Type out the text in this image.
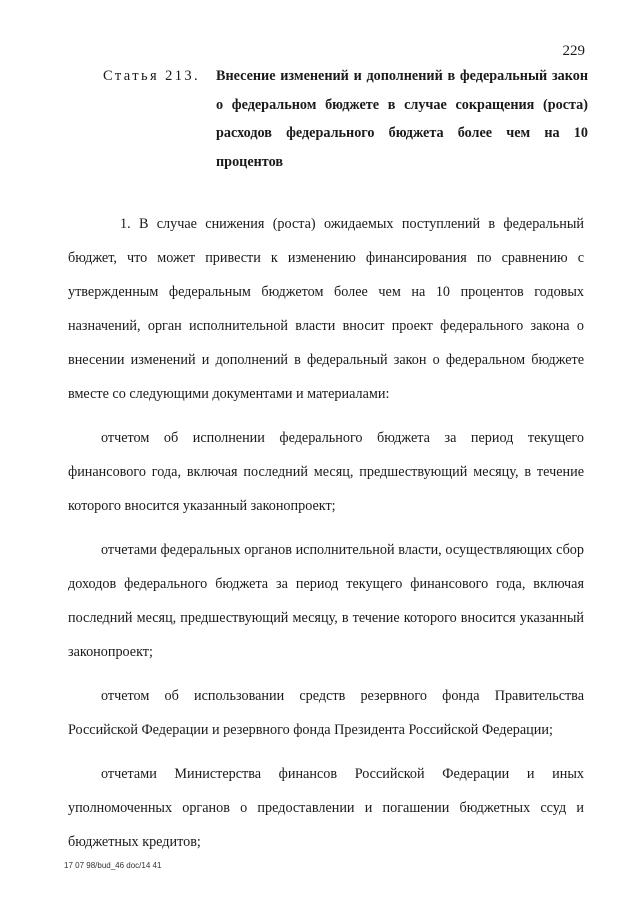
229
Статья 213.	Внесение изменений и дополнений в федеральный закон о федеральном бюджете в случае сокращения (роста) расходов федерального бюджета более чем на 10 процентов

1. В случае снижения (роста) ожидаемых поступлений в федеральный бюджет, что может привести к изменению финансирования по сравнению с утвержденным федеральным бюджетом более чем на 10 процентов годовых назначений, орган исполнительной власти вносит проект федерального закона о внесении изменений и дополнений в федеральный закон о федеральном бюджете вместе со следующими документами и материалами:

отчетом об исполнении федерального бюджета за период текущего финансового года, включая последний месяц, предшествующий месяцу, в течение которого вносится указанный законопроект;

отчетами федеральных органов исполнительной власти, осуществляющих сбор доходов федерального бюджета за период текущего финансового года, включая последний месяц, предшествующий месяцу, в течение которого вносится указанный законопроект;

отчетом об использовании средств резервного фонда Правительства Российской Федерации и резервного фонда Президента Российской Федерации;

отчетами Министерства финансов Российской Федерации и иных уполномоченных органов о предоставлении и погашении бюджетных ссуд и бюджетных кредитов;

17 07 98/bud_46 doc/14 41
